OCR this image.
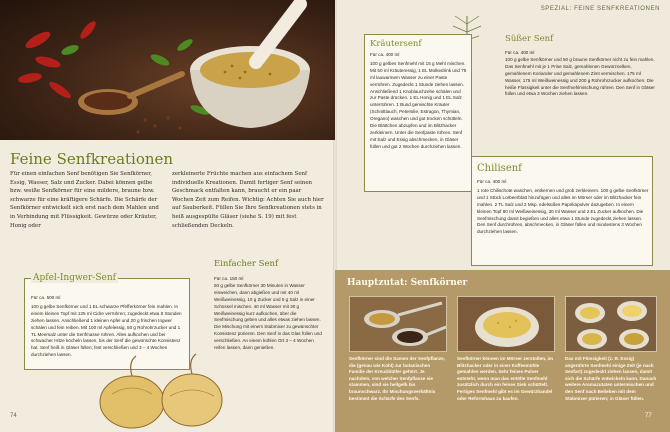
Feine Senfkreationen
Für einen einfachen Senf benötigen Sie Senfkörner, Essig, Wasser, Salz und Zucker. Dabei können gelbe bzw. weiße Senfkörner für eine mildere, braune bzw. schwarze für eine kräftigere Schärfe. Die Schärfe der Senfkörner entwickelt sich erst nach dem Mahlen und in Verbindung mit Flüssigkeit. Gewürze oder Kräuter, Honig oder
zerkleinerte Früchte machen aus einfachem Senf individuelle Kreationen. Damit fertiger Senf seinen Geschmack entfalten kann, braucht er ein paar Wochen Zeit zum Reifen. Wichtig: Achten Sie auch hier auf Sauberkeit. Füllen Sie Ihre Senfkreationen stets in heiß ausgespülte Gläser (siehe S. 19) mit fest schließenden Deckeln.
Apfel-Ingwer-Senf

Für ca. 500 ml

100 g gelbe Senfkörner und 1 EL schwarze Pfefferkörner fein mahlen. In einem kleinen Topf mit 125 ml Cidre verrühren; zugedeckt etwa 8 Stunden ziehen lassen. Anschließend 1 kleinen Apfel und 20 g frischen Ingwer schälen und fein reiben. Mit 100 ml Apfelessig, 50 g Rohrohrzucker und 1 TL Meersalz unter die Senfmasse rühren. Alles aufkochen und bei schwacher Hitze köcheln lassen, bis der Senf die gewünschte Konsistenz hat. Senf heiß in Gläser füllen; fest verschließen und 3 – 4 Wochen durchziehen lassen.

Einfacher Senf

Für ca. 150 ml

50 g gelbe Senfkörner 30 Minuten in Wasser einweichen, dann abgießen und mit 40 ml Weißweinessig, 10 g Zucker und 5 g Salz in einer Schüssel mischen. 40 ml Wasser mit 30 g Weißweinessig kurz aufkochen, über die Senfmischung geben und alles etwas ziehen lassen. Die Mischung mit einem Stabmixer zu gewünschter Konsistenz pürieren. Den Senf in das Glas füllen und verschließen. An einem kühlen Ort 3 – 4 Wochen reifen lassen, dann genießen.

74
SPEZIAL: FEINE SENFKREATIONEN
Kräutersenf

Für ca. 400 ml

100 g gelbes Senfmehl mit 15 g Mehl mischen. Mit 50 ml Kräuteressig, 1 EL Molkedrink und 75 ml lauwarmem Wasser zu einer Paste verrühren. Zugedeckt 1 Stunde ziehen lassen. Anschließend 1 Knoblauchzehe schälen und zur Paste drücken. 1 EL Honig und 1 EL Salz unterrühren. 1 Bund gemischte Kräuter (Schnittlauch, Petersilie, Estragon, Thymian, Oregano) waschen und gut trocken schütteln. Die Blättchen abzupfen und im Blitzhacker zerkleinern. Unter die Senfpaste rühren. Senf mit Salz und Essig abschmecken, in Gläser füllen und gut 2 Wochen durchziehen lassen.

Süßer Senf

Für ca. 400 ml

100 g gelbe Senfkörner und 50 g braune Senfkörner nicht zu fein mahlen. Das Senfmehl mit je 1 Prise Salz, gemahlenen Gewürznelken, gemahlenem Koriander und gemahlenem Zimt vermischen. 175 ml Wasser, 175 ml Weißweinessig und 200 g Rohrohrzucker aufkochen. Die heiße Flüssigkeit unter die Senfmehlmischung rühren. Den Senf in Gläser füllen und etwa 3 Wochen ziehen lassen.

Chilisenf

Für ca. 400 ml

1 rote Chilischote waschen, entkernen und grob zerkleinern. 100 g gelbe Senfkörner und 1 Stück Lorbeerblatt hinzufügen und alles im Mörser oder im Blitzhacker fein mahlen. 2 TL Salz und 2 Msp. edelsüßes Paprikapulver dazugeben. In einem kleinen Topf 80 ml Weißweinessig, 30 ml Wasser und 2 EL Zucker aufkochen. Die Senfmischung damit begießen und alles etwa 1 Stunde zugedeckt ziehen lassen. Den Senf durchrühren, abschmecken, in Gläser füllen und mindestens 3 Wochen durchziehen lassen.

Hauptzutat: Senfkörner
Senfkörner sind die Samen der Senfpflanze, die (genau wie Kohl) zur botanischen Familie der Kreuzblütler gehört. Je nachdem, von welcher Senfpflanze sie stammen, sind sie hellgelb bis braunschwarz. Ihr Mischungsverhältnis bestimmt die Schärfe des Senfs.
Senfkörner können im Mörser zerstoßen, im Blitzhacker oder in einer Kaffeemühle gemahlen werden. Sehr feines Pulver entsteht, wenn man das entölte Senfmehl zusätzlich durch ein feines Sieb schüttelt. Fertiges Senfmehl gibt es im Gewürzhandel oder Reformhaus zu kaufen.
Das mit Flüssigkeit (z. B. Essig) angerührte Senfmehl einige Zeit (je nach Senfart) zugedeckt ziehen lassen, damit sich die Schärfe entwickeln kann. Danach weitere Aromazutaten untermischen und den Senf nach Belieben mit dem Stabmixer pürieren; in Gläser füllen.
77
